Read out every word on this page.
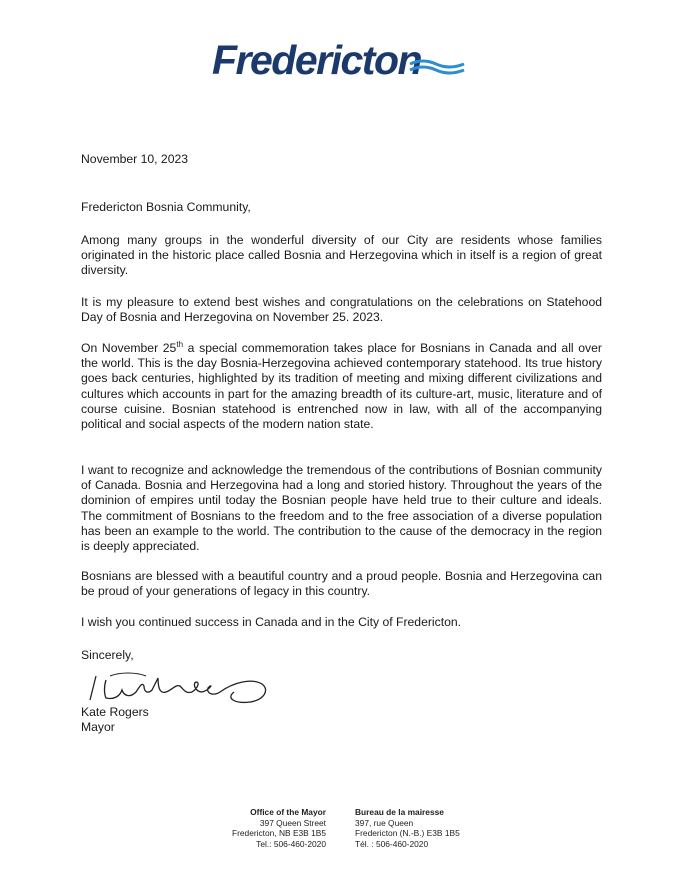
Fredericton
November 10, 2023
Fredericton Bosnia Community,
Among many groups in the wonderful diversity of our City are residents whose families originated in the historic place called Bosnia and Herzegovina which in itself is a region of great diversity.
It is my pleasure to extend best wishes and congratulations on the celebrations on Statehood Day of Bosnia and Herzegovina on November 25. 2023.
On November 25th a special commemoration takes place for Bosnians in Canada and all over the world. This is the day Bosnia-Herzegovina achieved contemporary statehood. Its true history goes back centuries, highlighted by its tradition of meeting and mixing different civilizations and cultures which accounts in part for the amazing breadth of its culture-art, music, literature and of course cuisine. Bosnian statehood is entrenched now in law, with all of the accompanying political and social aspects of the modern nation state.
I want to recognize and acknowledge the tremendous of the contributions of Bosnian community of Canada. Bosnia and Herzegovina had a long and storied history. Throughout the years of the dominion of empires until today the Bosnian people have held true to their culture and ideals. The commitment of Bosnians to the freedom and to the free association of a diverse population has been an example to the world. The contribution to the cause of the democracy in the region is deeply appreciated.
Bosnians are blessed with a beautiful country and a proud people. Bosnia and Herzegovina can be proud of your generations of legacy in this country.
I wish you continued success in Canada and in the City of Fredericton.
Sincerely,
Kate Rogers
Mayor
Office of the Mayor
397 Queen Street
Fredericton, NB E3B 1B5
Tel.: 506-460-2020
Bureau de la mairesse
397, rue Queen
Fredericton (N.-B.) E3B 1B5
Tél. : 506-460-2020
